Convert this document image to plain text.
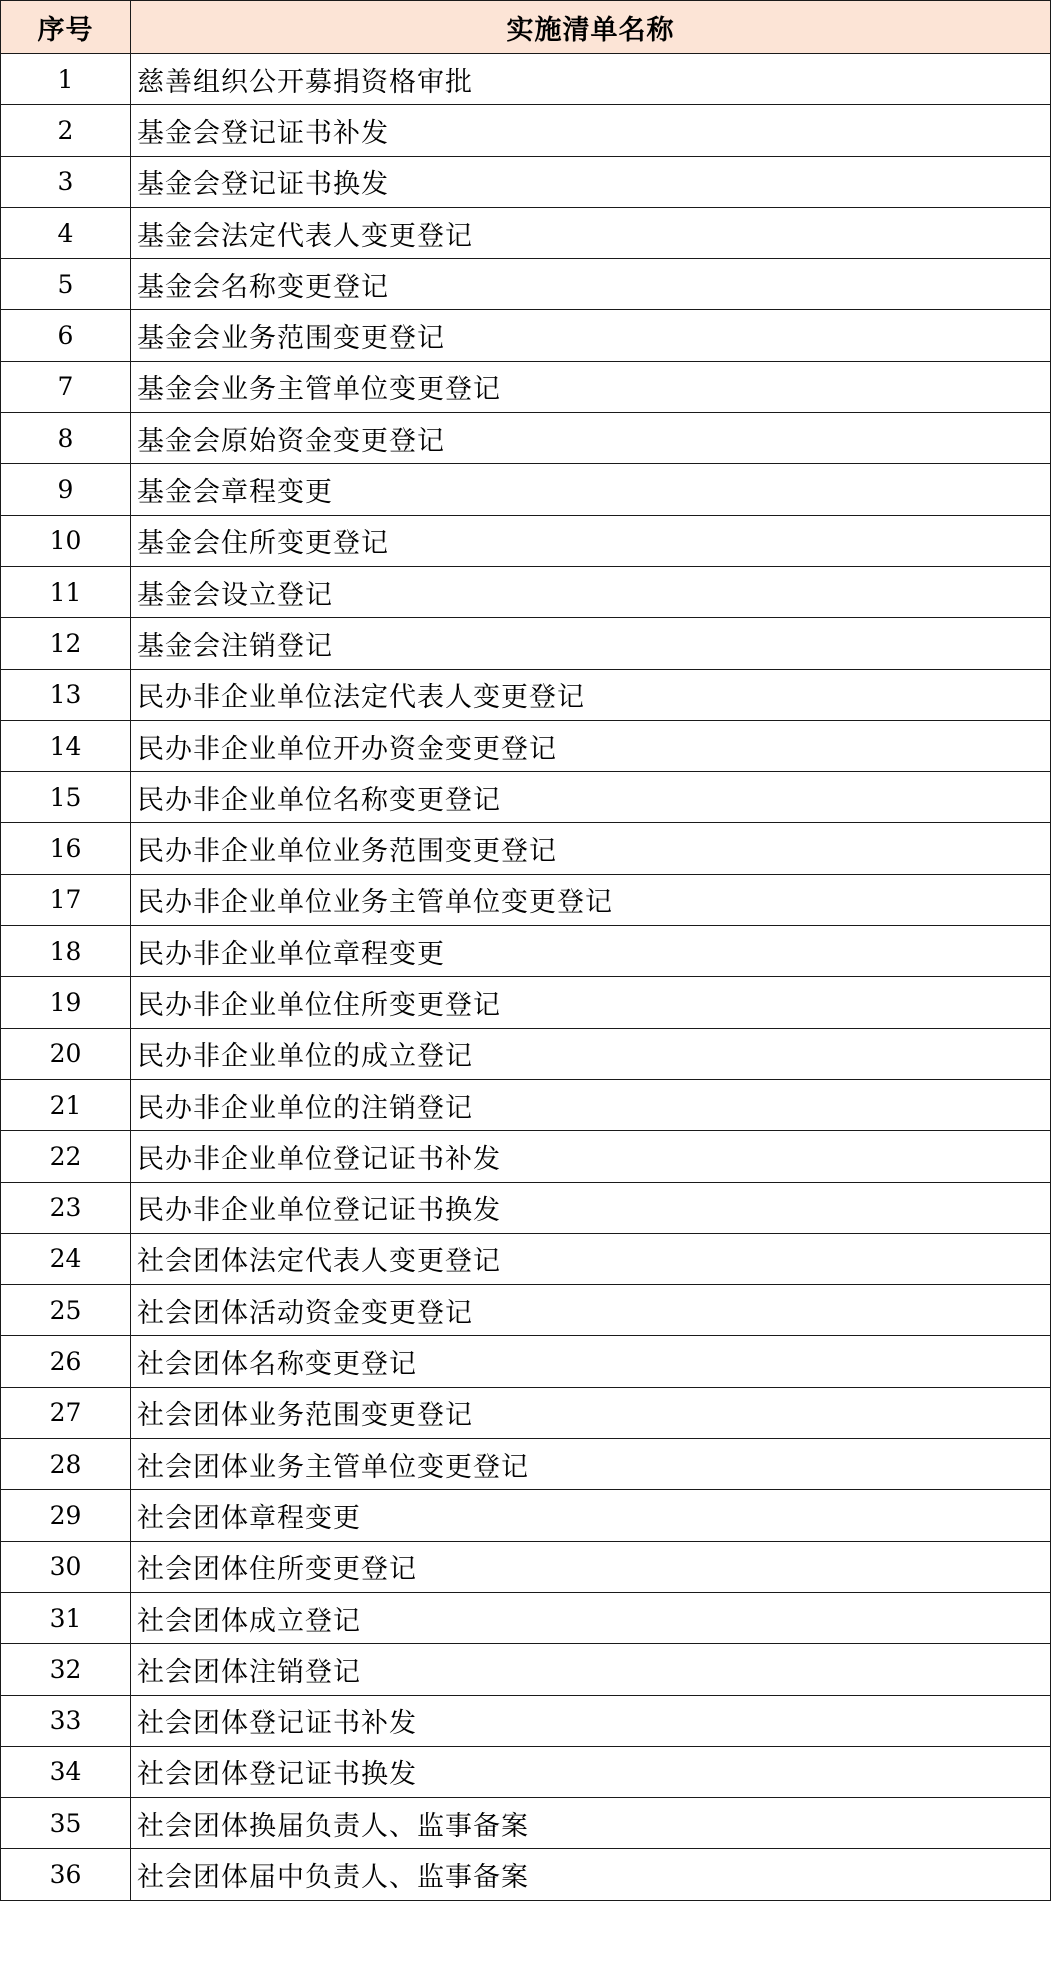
序号	实施清单名称
1	慈善组织公开募捐资格审批
2	基金会登记证书补发
3	基金会登记证书换发
4	基金会法定代表人变更登记
5	基金会名称变更登记
6	基金会业务范围变更登记
7	基金会业务主管单位变更登记
8	基金会原始资金变更登记
9	基金会章程变更
10	基金会住所变更登记
11	基金会设立登记
12	基金会注销登记
13	民办非企业单位法定代表人变更登记
14	民办非企业单位开办资金变更登记
15	民办非企业单位名称变更登记
16	民办非企业单位业务范围变更登记
17	民办非企业单位业务主管单位变更登记
18	民办非企业单位章程变更
19	民办非企业单位住所变更登记
20	民办非企业单位的成立登记
21	民办非企业单位的注销登记
22	民办非企业单位登记证书补发
23	民办非企业单位登记证书换发
24	社会团体法定代表人变更登记
25	社会团体活动资金变更登记
26	社会团体名称变更登记
27	社会团体业务范围变更登记
28	社会团体业务主管单位变更登记
29	社会团体章程变更
30	社会团体住所变更登记
31	社会团体成立登记
32	社会团体注销登记
33	社会团体登记证书补发
34	社会团体登记证书换发
35	社会团体换届负责人、监事备案
36	社会团体届中负责人、监事备案
